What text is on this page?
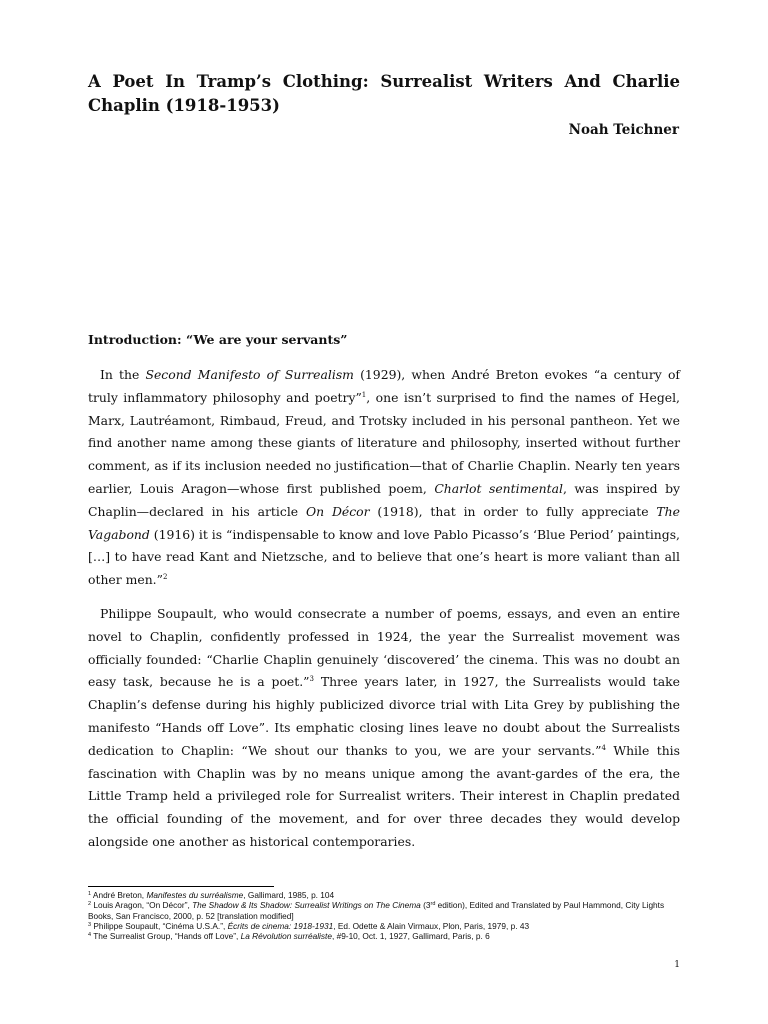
A Poet In Tramp’s Clothing: Surrealist Writers And Charlie Chaplin (1918-1953)
Noah Teichner
Introduction: “We are your servants”

In the Second Manifesto of Surrealism (1929), when André Breton evokes “a century of truly inflammatory philosophy and poetry”$^1$, one isn’t surprised to find the names of Hegel, Marx, Lautréamont, Rimbaud, Freud, and Trotsky included in his personal pantheon. Yet we find another name among these giants of literature and philosophy, inserted without further comment, as if its inclusion needed no justification—that of Charlie Chaplin. Nearly ten years earlier, Louis Aragon—whose first published poem, Charlot sentimental, was inspired by Chaplin—declared in his article On Décor (1918), that in order to fully appreciate The Vagabond (1916) it is “indispensable to know and love Pablo Picasso’s ‘Blue Period’ paintings, […] to have read Kant and Nietzsche, and to believe that one’s heart is more valiant than all other men.”$^2$

Philippe Soupault, who would consecrate a number of poems, essays, and even an entire novel to Chaplin, confidently professed in 1924, the year the Surrealist movement was officially founded: “Charlie Chaplin genuinely ‘discovered’ the cinema. This was no doubt an easy task, because he is a poet.”$^3$ Three years later, in 1927, the Surrealists would take Chaplin’s defense during his highly publicized divorce trial with Lita Grey by publishing the manifesto “Hands off Love”. Its emphatic closing lines leave no doubt about the Surrealists dedication to Chaplin: “We shout our thanks to you, we are your servants.”$^4$ While this fascination with Chaplin was by no means unique among the avant-gardes of the era, the Little Tramp held a privileged role for Surrealist writers. Their interest in Chaplin predated the official founding of the movement, and for over three decades they would develop alongside one another as historical contemporaries.

$^1$ André Breton, Manifestes du surréalisme, Gallimard, 1985, p. 104
$^2$ Louis Aragon, “On Décor”, The Shadow & Its Shadow: Surrealist Writings on The Cinema (3rd edition), Edited and Translated by Paul Hammond, City Lights Books, San Francisco, 2000, p. 52 [translation modified]
$^3$ Philippe Soupault, “Cinéma U.S.A.”, Écrits de cinema: 1918-1931, Ed. Odette & Alain Virmaux, Plon, Paris, 1979, p. 43
$^4$ The Surrealist Group, “Hands off Love”, La Révolution surréaliste, #9-10, Oct. 1, 1927, Gallimard, Paris, p. 6
1
